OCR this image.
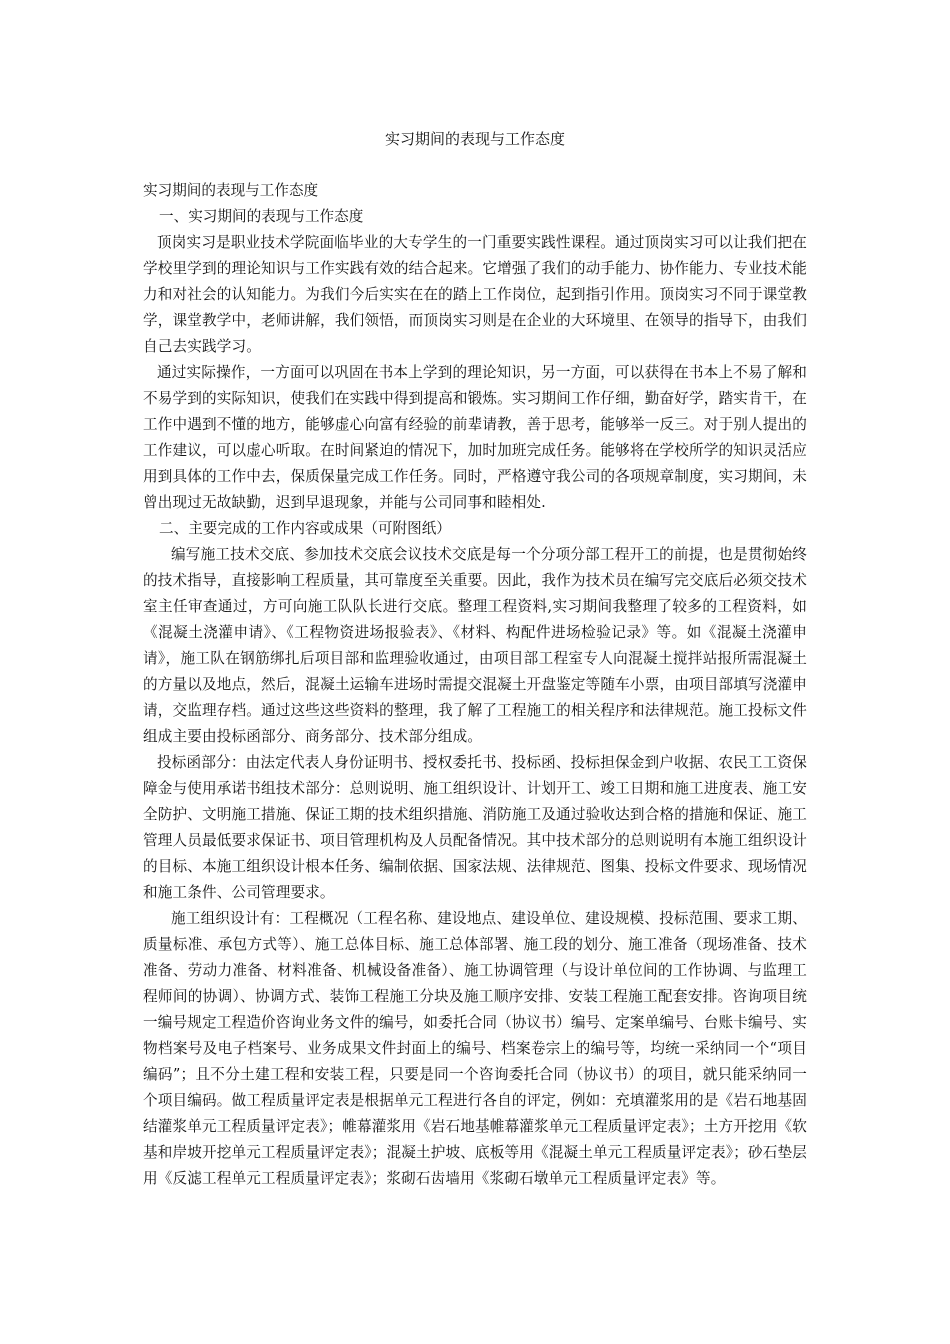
实习期间的表现与工作态度

实习期间的表现与工作态度

一、实习期间的表现与工作态度

顶岗实习是职业技术学院面临毕业的大专学生的一门重要实践性课程。通过顶岗实习可以让我们把在学校里学到的理论知识与工作实践有效的结合起来。它增强了我们的动手能力、协作能力、专业技术能力和对社会的认知能力。为我们今后实实在在的踏上工作岗位，起到指引作用。顶岗实习不同于课堂教学，课堂教学中，老师讲解，我们领悟，而顶岗实习则是在企业的大环境里、在领导的指导下，由我们自己去实践学习。

通过实际操作，一方面可以巩固在书本上学到的理论知识，另一方面，可以获得在书本上不易了解和不易学到的实际知识，使我们在实践中得到提高和锻炼。实习期间工作仔细，勤奋好学，踏实肯干，在工作中遇到不懂的地方，能够虚心向富有经验的前辈请教，善于思考，能够举一反三。对于别人提出的工作建议，可以虚心听取。在时间紧迫的情况下，加时加班完成任务。能够将在学校所学的知识灵活应用到具体的工作中去，保质保量完成工作任务。同时，严格遵守我公司的各项规章制度，实习期间，未曾出现过无故缺勤，迟到早退现象，并能与公司同事和睦相处.

二、主要完成的工作内容或成果（可附图纸）

编写施工技术交底、参加技术交底会议技术交底是每一个分项分部工程开工的前提，也是贯彻始终的技术指导，直接影响工程质量，其可靠度至关重要。因此，我作为技术员在编写完交底后必须交技术室主任审查通过，方可向施工队队长进行交底。整理工程资料,实习期间我整理了较多的工程资料，如《混凝土浇灌申请》、《工程物资进场报验表》、《材料、构配件进场检验记录》等。如《混凝土浇灌申请》，施工队在钢筋绑扎后项目部和监理验收通过，由项目部工程室专人向混凝土搅拌站报所需混凝土的方量以及地点，然后，混凝土运输车进场时需提交混凝土开盘鉴定等随车小票，由项目部填写浇灌申请，交监理存档。通过这些这些资料的整理，我了解了工程施工的相关程序和法律规范。施工投标文件组成主要由投标函部分、商务部分、技术部分组成。

投标函部分：由法定代表人身份证明书、授权委托书、投标函、投标担保金到户收据、农民工工资保障金与使用承诺书组技术部分：总则说明、施工组织设计、计划开工、竣工日期和施工进度表、施工安全防护、文明施工措施、保证工期的技术组织措施、消防施工及通过验收达到合格的措施和保证、施工管理人员最低要求保证书、项目管理机构及人员配备情况。其中技术部分的总则说明有本施工组织设计的目标、本施工组织设计根本任务、编制依据、国家法规、法律规范、图集、投标文件要求、现场情况和施工条件、公司管理要求。

施工组织设计有：工程概况（工程名称、建设地点、建设单位、建设规模、投标范围、要求工期、质量标准、承包方式等）、施工总体目标、施工总体部署、施工段的划分、施工准备（现场准备、技术准备、劳动力准备、材料准备、机械设备准备）、施工协调管理（与设计单位间的工作协调、与监理工程师间的协调）、协调方式、装饰工程施工分块及施工顺序安排、安装工程施工配套安排。咨询项目统一编号规定工程造价咨询业务文件的编号，如委托合同（协议书）编号、定案单编号、台账卡编号、实物档案号及电子档案号、业务成果文件封面上的编号、档案卷宗上的编号等，均统一采纳同一个“项目编码”；且不分土建工程和安装工程，只要是同一个咨询委托合同（协议书）的项目，就只能采纳同一个项目编码。做工程质量评定表是根据单元工程进行各自的评定，例如：充填灌浆用的是《岩石地基固结灌浆单元工程质量评定表》；帷幕灌浆用《岩石地基帷幕灌浆单元工程质量评定表》；土方开挖用《软基和岸坡开挖单元工程质量评定表》；混凝土护坡、底板等用《混凝土单元工程质量评定表》；砂石垫层用《反滤工程单元工程质量评定表》；浆砌石齿墙用《浆砌石墩单元工程质量评定表》等。
